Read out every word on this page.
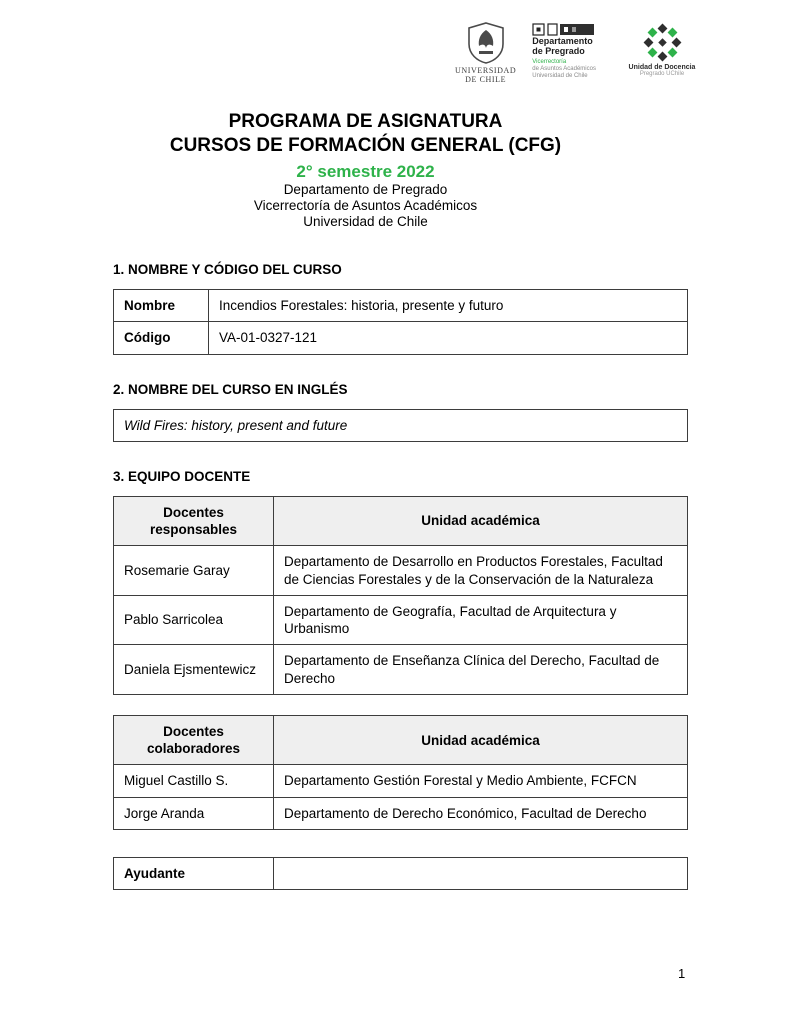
UNIVERSIDAD
DE CHILE
Departamento
de Pregrado
Vicerrectoría
de Asuntos Académicos
Universidad de Chile
Unidad de Docencia
Pregrado UChile
PROGRAMA DE ASIGNATURA
CURSOS DE FORMACIÓN GENERAL (CFG)
2° semestre 2022
Departamento de Pregrado
Vicerrectoría de Asuntos Académicos
Universidad de Chile
1. NOMBRE Y CÓDIGO DEL CURSO
Nombre	Incendios Forestales: historia, presente y futuro
Código	VA-01-0327-121
2. NOMBRE DEL CURSO EN INGLÉS
Wild Fires: history, present and future
3. EQUIPO DOCENTE
Docentes responsables	Unidad académica
Rosemarie Garay	Departamento de Desarrollo en Productos Forestales, Facultad de Ciencias Forestales y de la Conservación de la Naturaleza
Pablo Sarricolea	Departamento de Geografía, Facultad de Arquitectura y Urbanismo
Daniela Ejsmentewicz	Departamento de Enseñanza Clínica del Derecho, Facultad de Derecho
Docentes colaboradores	Unidad académica
Miguel Castillo S.	Departamento Gestión Forestal y Medio Ambiente, FCFCN
Jorge Aranda	Departamento de Derecho Económico, Facultad de Derecho
Ayudante	
1
